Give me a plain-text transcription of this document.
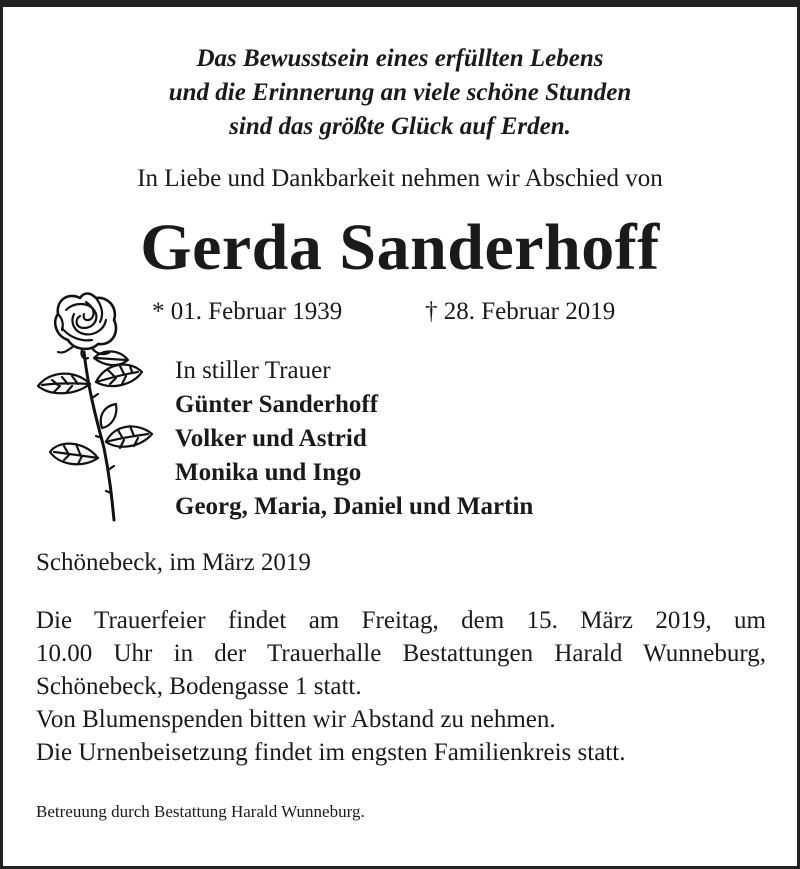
Das Bewusstsein eines erfüllten Lebens
und die Erinnerung an viele schöne Stunden
sind das größte Glück auf Erden.
In Liebe und Dankbarkeit nehmen wir Abschied von
Gerda Sanderhoff
* 01. Februar 1939	† 28. Februar 2019
In stiller Trauer
Günter Sanderhoff
Volker und Astrid
Monika und Ingo
Georg, Maria, Daniel und Martin
Schönebeck, im März 2019
Die Trauerfeier findet am Freitag, dem 15. März 2019, um
10.00 Uhr in der Trauerhalle Bestattungen Harald Wunneburg,
Schönebeck, Bodengasse 1 statt.
Von Blumenspenden bitten wir Abstand zu nehmen.
Die Urnenbeisetzung findet im engsten Familienkreis statt.
Betreuung durch Bestattung Harald Wunneburg.
